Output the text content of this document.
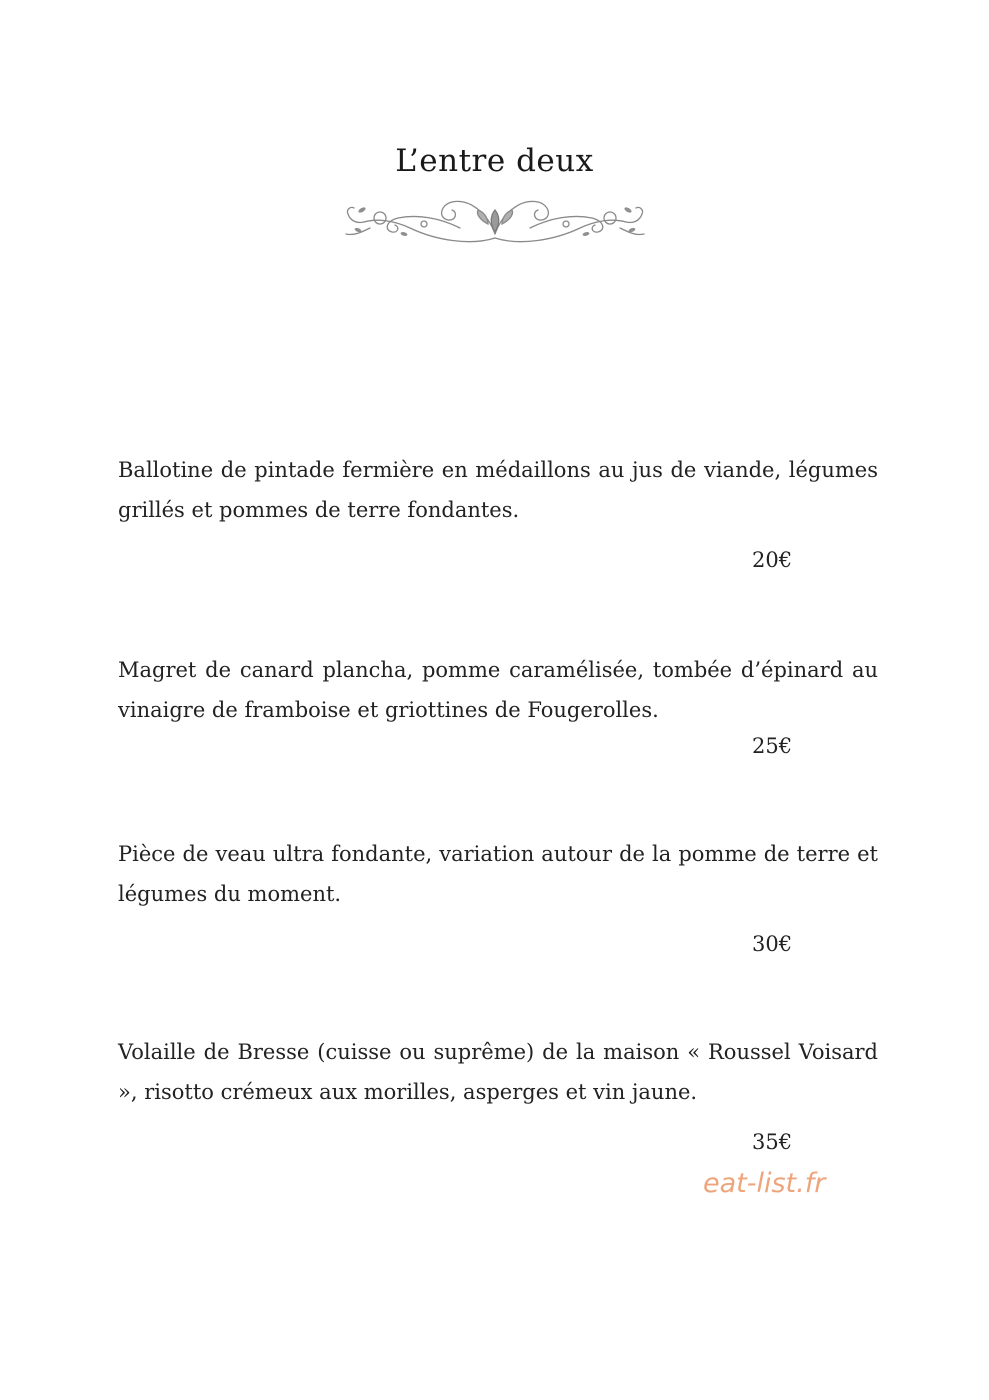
L’entre deux

Ballotine de pintade fermière en médaillons au jus de viande, légumes grillés et pommes de terre fondantes.

20€

Magret de canard plancha, pomme caramélisée, tombée d’épinard au vinaigre de framboise et griottines de Fougerolles.

25€

Pièce de veau ultra fondante, variation autour de la pomme de terre et légumes du moment.

30€

Volaille de Bresse (cuisse ou suprême) de la maison « Roussel Voisard », risotto crémeux aux morilles, asperges et vin jaune.

35€
eat-list.fr
